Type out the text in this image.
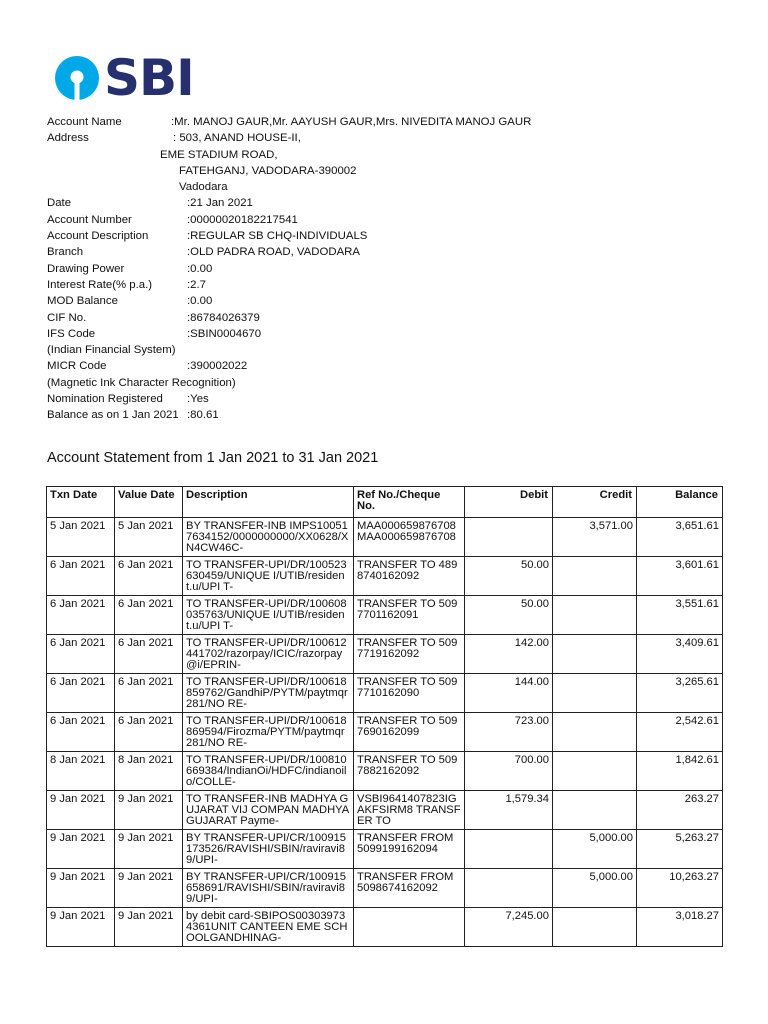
SBI
Account Name	:Mr. MANOJ GAUR,Mr. AAYUSH GAUR,Mrs. NIVEDITA MANOJ GAUR
Address	: 503, ANAND HOUSE-II,
EME STADIUM ROAD,
FATEHGANJ, VADODARA-390002
Vadodara
Date	:21 Jan 2021
Account Number	:00000020182217541
Account Description	:REGULAR SB CHQ-INDIVIDUALS
Branch	:OLD PADRA ROAD, VADODARA
Drawing Power	:0.00
Interest Rate(% p.a.)	:2.7
MOD Balance	:0.00
CIF No.	:86784026379
IFS Code	:SBIN0004670
(Indian Financial System)
MICR Code	:390002022
(Magnetic Ink Character Recognition)
Nomination Registered :Yes
Balance as on 1 Jan 2021 :80.61
Account Statement from 1 Jan 2021 to 31 Jan 2021
Txn Date	Value Date	Description	Ref No./Cheque No.	Debit	Credit	Balance
5 Jan 2021	5 Jan 2021	BY TRANSFER-INB IMPS100517634152/0000000000/XX0628/XN4CW46C-	MAA000659876708 MAA000659876708		3,571.00	3,651.61
6 Jan 2021	6 Jan 2021	TO TRANSFER-UPI/DR/100523630459/UNIQUE I/UTIB/resident.u/UPI T-	TRANSFER TO 4898740162092	50.00		3,601.61
6 Jan 2021	6 Jan 2021	TO TRANSFER-UPI/DR/100608035763/UNIQUE I/UTIB/resident.u/UPI T-	TRANSFER TO 5097701162091	50.00		3,551.61
6 Jan 2021	6 Jan 2021	TO TRANSFER-UPI/DR/100612441702/razorpay/ICIC/razorpay@i/EPRIN-	TRANSFER TO 5097719162092	142.00		3,409.61
6 Jan 2021	6 Jan 2021	TO TRANSFER-UPI/DR/100618859762/GandhiP/PYTM/paytmqr281/NO RE-	TRANSFER TO 5097710162090	144.00		3,265.61
6 Jan 2021	6 Jan 2021	TO TRANSFER-UPI/DR/100618869594/Firozma/PYTM/paytmqr281/NO RE-	TRANSFER TO 5097690162099	723.00		2,542.61
8 Jan 2021	8 Jan 2021	TO TRANSFER-UPI/DR/100810669384/IndianOi/HDFC/indianoilo/COLLE-	TRANSFER TO 5097882162092	700.00		1,842.61
9 Jan 2021	9 Jan 2021	TO TRANSFER-INB MADHYA GUJARAT VIJ COMPAN MADHYA GUJARAT Payme-	VSBI9641407823IGAKFSIRM8 TRANSFER TO	1,579.34		263.27
9 Jan 2021	9 Jan 2021	BY TRANSFER-UPI/CR/100915173526/RAVISHI/SBIN/raviravi89/UPI-	TRANSFER FROM 5099199162094		5,000.00	5,263.27
9 Jan 2021	9 Jan 2021	BY TRANSFER-UPI/CR/100915658691/RAVISHI/SBIN/raviravi89/UPI-	TRANSFER FROM 5098674162092		5,000.00	10,263.27
9 Jan 2021	9 Jan 2021	by debit card-SBIPOS003039734361UNIT CANTEEN EME SCHOOLGANDHINAG-		7,245.00		3,018.27
